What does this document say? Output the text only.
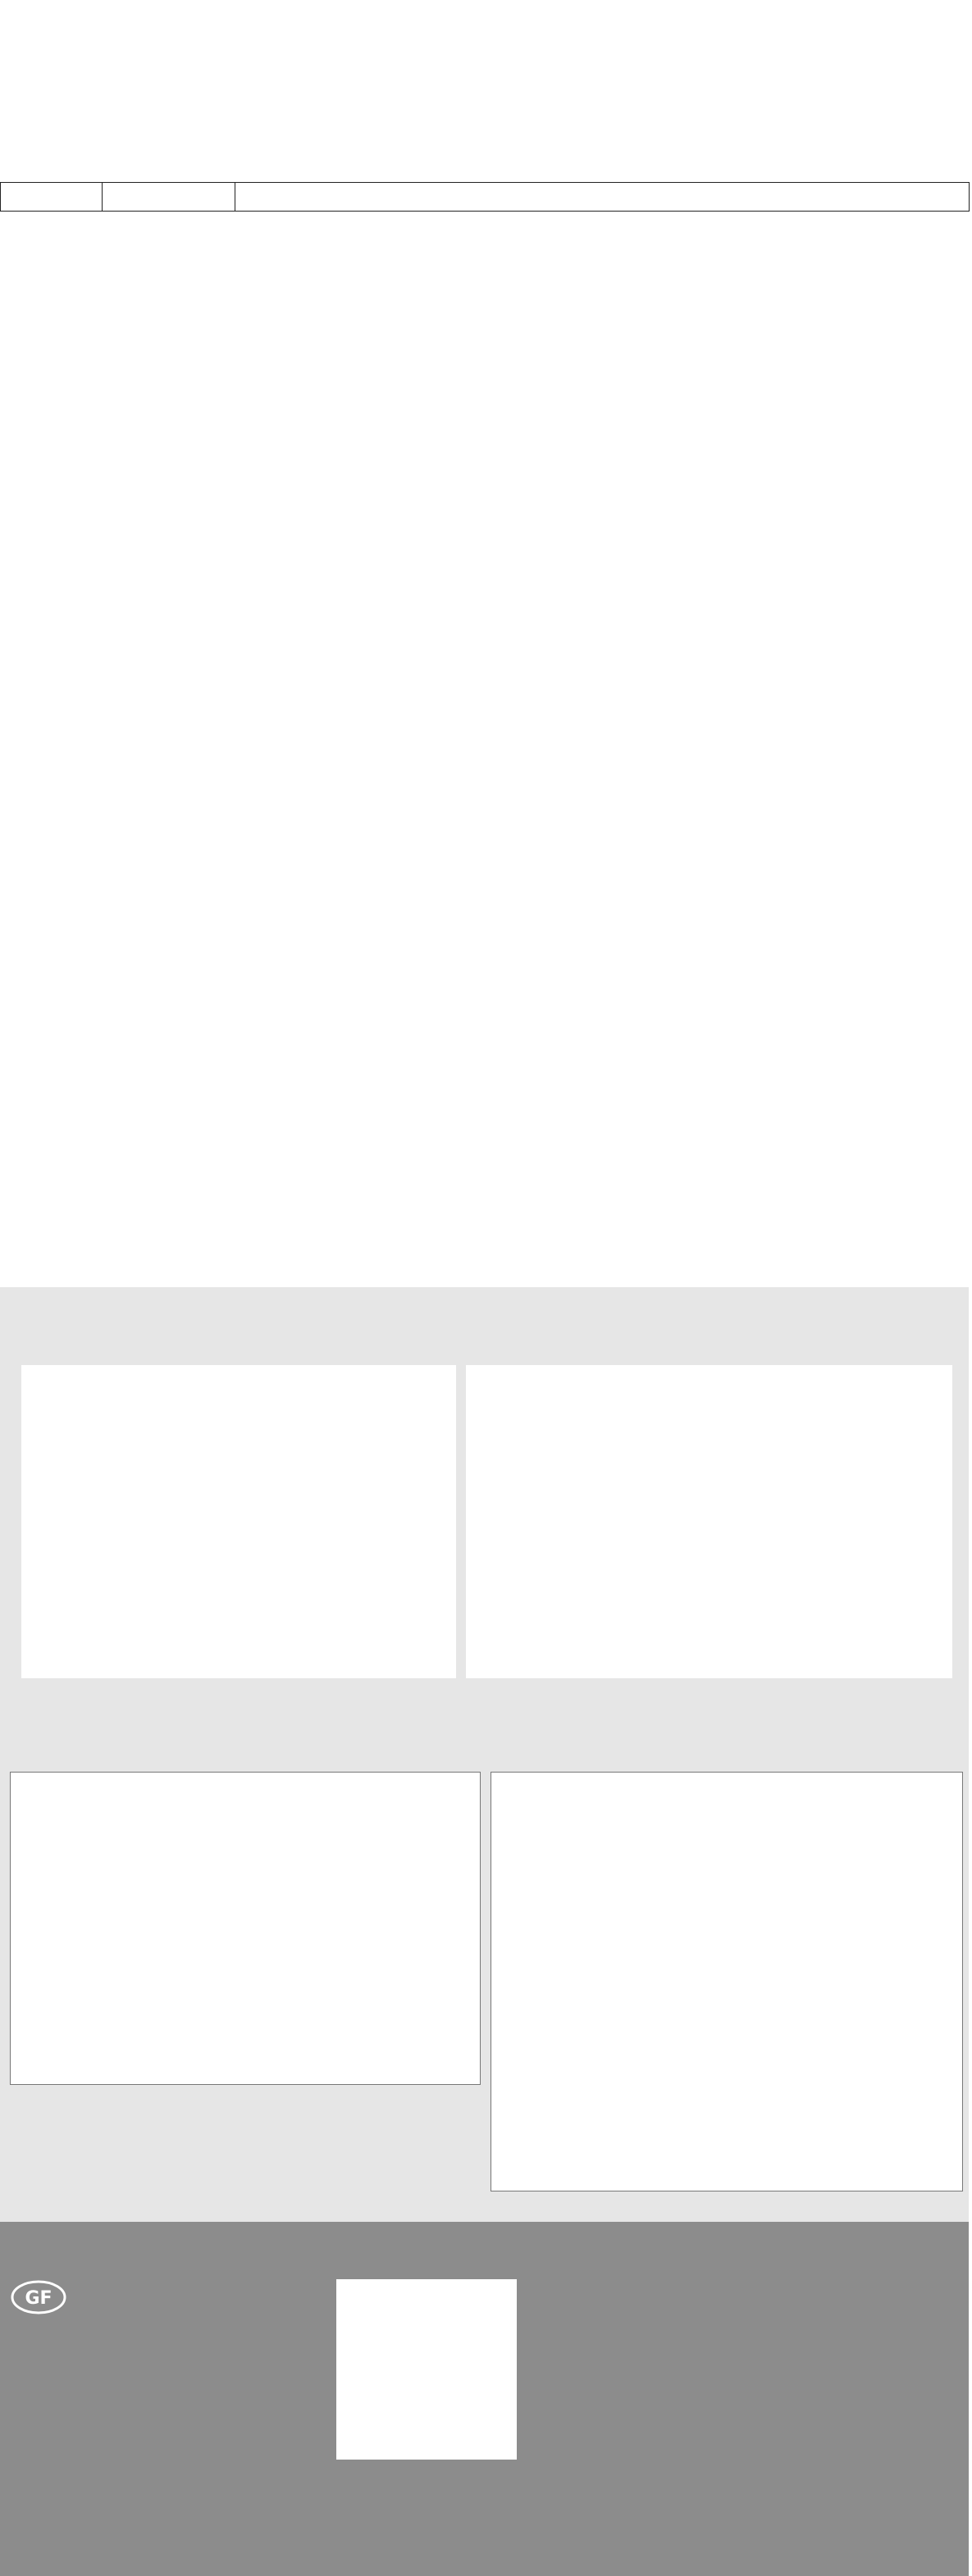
GF
